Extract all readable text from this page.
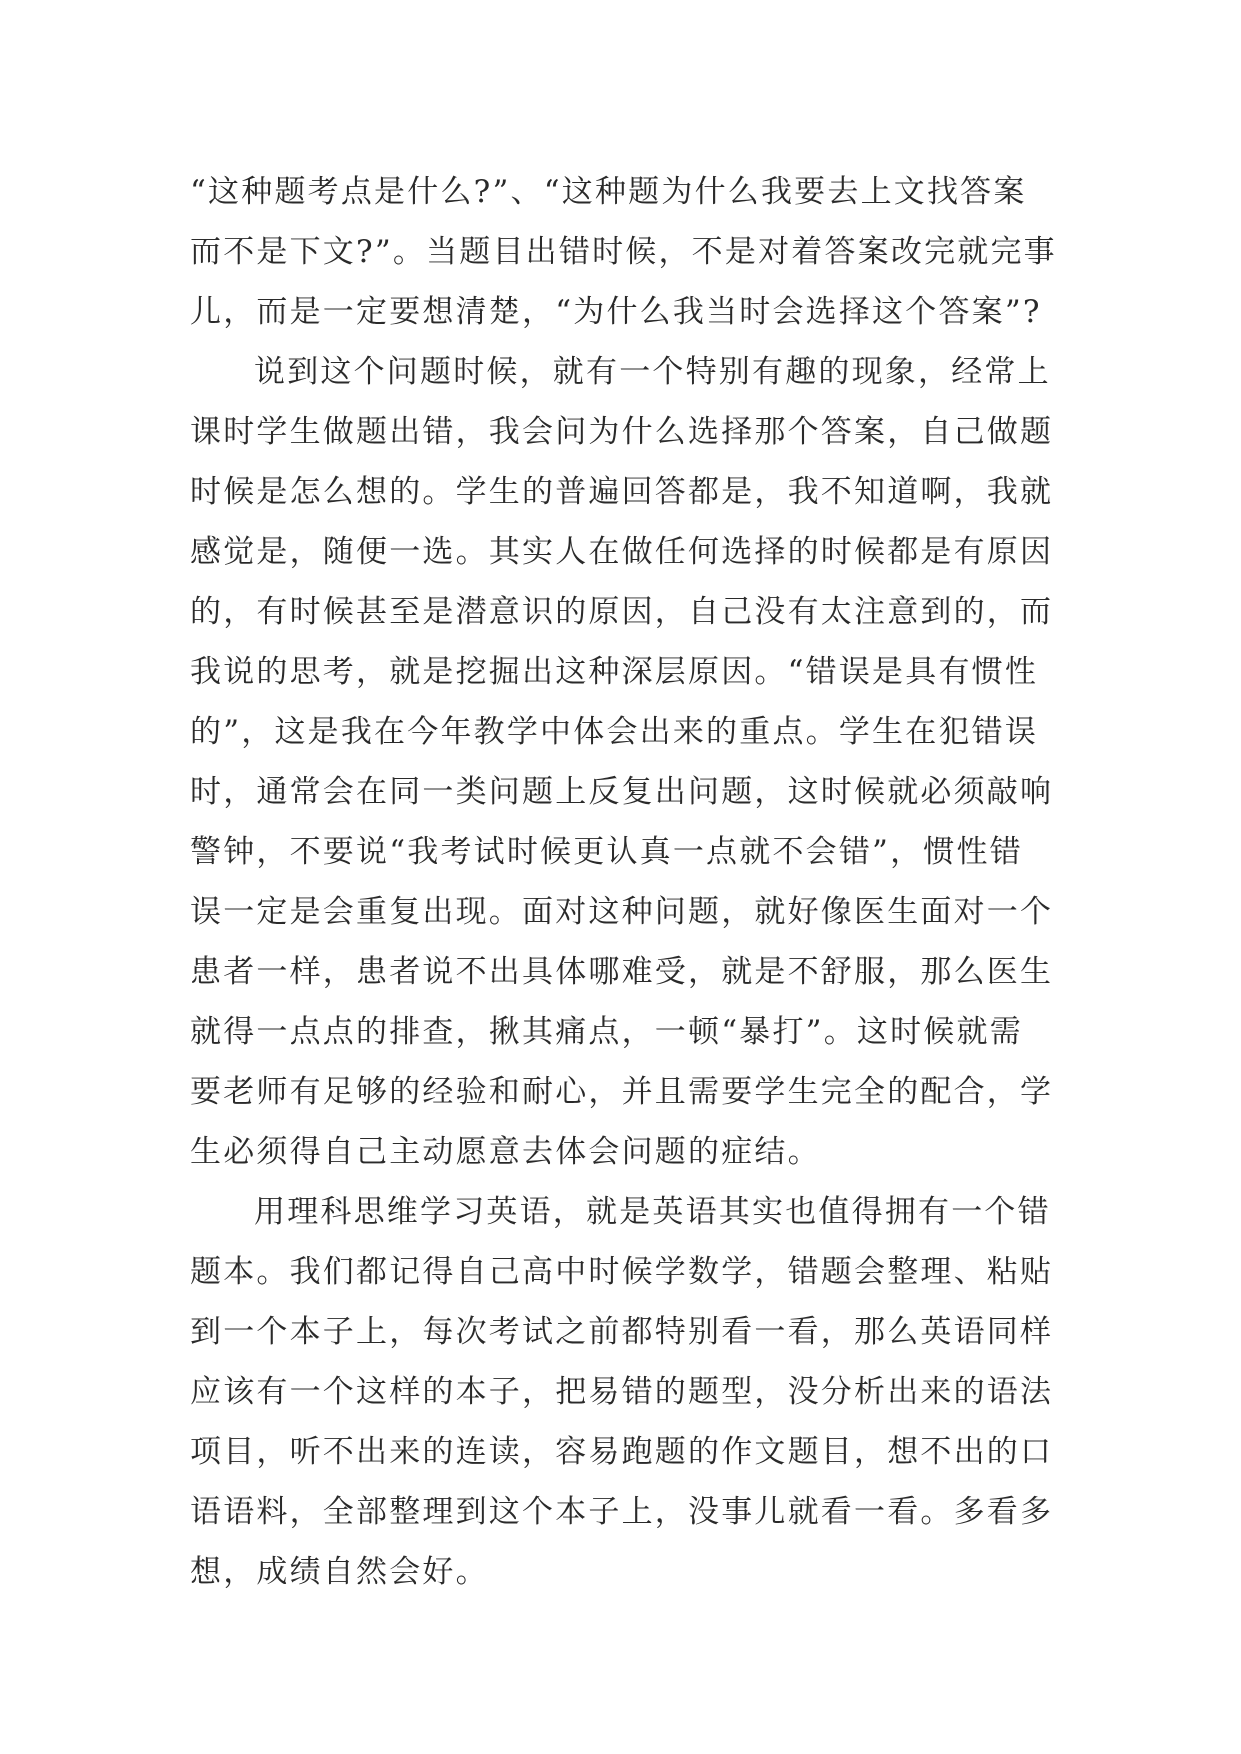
“这种题考点是什么?”、“这种题为什么我要去上文找答案
而不是下文?”。当题目出错时候，不是对着答案改完就完事
儿，而是一定要想清楚，“为什么我当时会选择这个答案”?
说到这个问题时候，就有一个特别有趣的现象，经常上
课时学生做题出错，我会问为什么选择那个答案，自己做题
时候是怎么想的。学生的普遍回答都是，我不知道啊，我就
感觉是，随便一选。其实人在做任何选择的时候都是有原因
的，有时候甚至是潜意识的原因，自己没有太注意到的，而
我说的思考，就是挖掘出这种深层原因。“错误是具有惯性
的”，这是我在今年教学中体会出来的重点。学生在犯错误
时，通常会在同一类问题上反复出问题，这时候就必须敲响
警钟，不要说“我考试时候更认真一点就不会错”，惯性错
误一定是会重复出现。面对这种问题，就好像医生面对一个
患者一样，患者说不出具体哪难受，就是不舒服，那么医生
就得一点点的排查，揪其痛点，一顿“暴打”。这时候就需
要老师有足够的经验和耐心，并且需要学生完全的配合，学
生必须得自己主动愿意去体会问题的症结。
用理科思维学习英语，就是英语其实也值得拥有一个错
题本。我们都记得自己高中时候学数学，错题会整理、粘贴
到一个本子上，每次考试之前都特别看一看，那么英语同样
应该有一个这样的本子，把易错的题型，没分析出来的语法
项目，听不出来的连读，容易跑题的作文题目，想不出的口
语语料，全部整理到这个本子上，没事儿就看一看。多看多
想，成绩自然会好。
